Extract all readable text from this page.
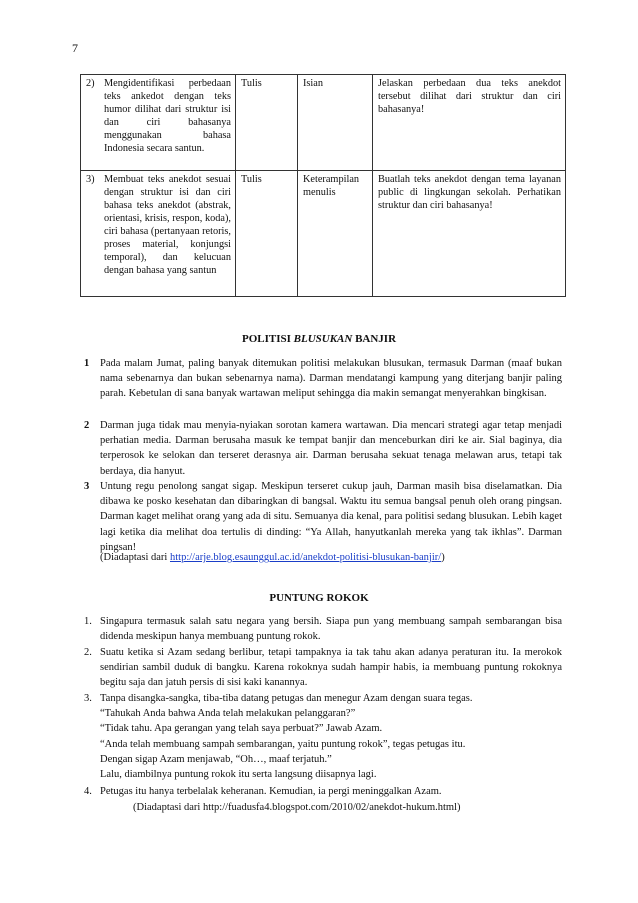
7
2) Mengidentifikasi perbedaan teks ankedot dengan teks humor dilihat dari struktur isi dan ciri bahasanya menggunakan bahasa Indonesia secara santun.	Tulis	Isian	Jelaskan perbedaan dua teks anekdot tersebut dilihat dari struktur dan ciri bahasanya!

3) Membuat teks anekdot sesuai dengan struktur isi dan ciri bahasa teks anekdot (abstrak, orientasi, krisis, respon, koda), ciri bahasa (pertanyaan retoris, proses material, konjungsi temporal), dan kelucuan dengan bahasa yang santun	Tulis	Keterampilan menulis	Buatlah teks anekdot dengan tema layanan public di lingkungan sekolah. Perhatikan struktur dan ciri bahasanya!
POLITISI BLUSUKAN BANJIR
1	Pada malam Jumat, paling banyak ditemukan politisi melakukan blusukan, termasuk Darman (maaf bukan nama sebenarnya dan bukan sebenarnya nama). Darman mendatangi kampung yang diterjang banjir paling parah. Kebetulan di sana banyak wartawan meliput sehingga dia makin semangat menyerahkan bingkisan.
2	Darman juga tidak mau menyia-nyiakan sorotan kamera wartawan. Dia mencari strategi agar tetap menjadi perhatian media. Darman berusaha masuk ke tempat banjir dan menceburkan diri ke air. Sial baginya, dia terperosok ke selokan dan terseret derasnya air. Darman berusaha sekuat tenaga melawan arus, tetapi tak berdaya, dia hanyut.
3	Untung regu penolong sangat sigap. Meskipun terseret cukup jauh, Darman masih bisa diselamatkan. Dia dibawa ke posko kesehatan dan dibaringkan di bangsal. Waktu itu semua bangsal penuh oleh orang pingsan. Darman kaget melihat orang yang ada di situ. Semuanya dia kenal, para politisi sedang blusukan. Lebih kaget lagi ketika dia melihat doa tertulis di dinding: “Ya Allah, hanyutkanlah mereka yang tak ikhlas”. Darman pingsan!
(Diadaptasi dari http://arje.blog.esaunggul.ac.id/anekdot-politisi-blusukan-banjir/)
PUNTUNG ROKOK
1. Singapura termasuk salah satu negara yang bersih. Siapa pun yang membuang sampah sembarangan bisa didenda meskipun hanya membuang puntung rokok.
2. Suatu ketika si Azam sedang berlibur, tetapi tampaknya ia tak tahu akan adanya peraturan itu. Ia merokok sendirian sambil duduk di bangku. Karena rokoknya sudah hampir habis, ia membuang puntung rokoknya begitu saja dan jatuh persis di sisi kaki kanannya.
3. Tanpa disangka-sangka, tiba-tiba datang petugas dan menegur Azam dengan suara tegas.
“Tahukah Anda bahwa Anda telah melakukan pelanggaran?”
“Tidak tahu. Apa gerangan yang telah saya perbuat?” Jawab Azam.
“Anda telah membuang sampah sembarangan, yaitu puntung rokok”, tegas petugas itu.
Dengan sigap Azam menjawab, “Oh…, maaf terjatuh.”
Lalu, diambilnya puntung rokok itu serta langsung diisapnya lagi.
4. Petugas itu hanya terbelalak keheranan. Kemudian, ia pergi meninggalkan Azam.
(Diadaptasi dari http://fuadusfa4.blogspot.com/2010/02/anekdot-hukum.html)
